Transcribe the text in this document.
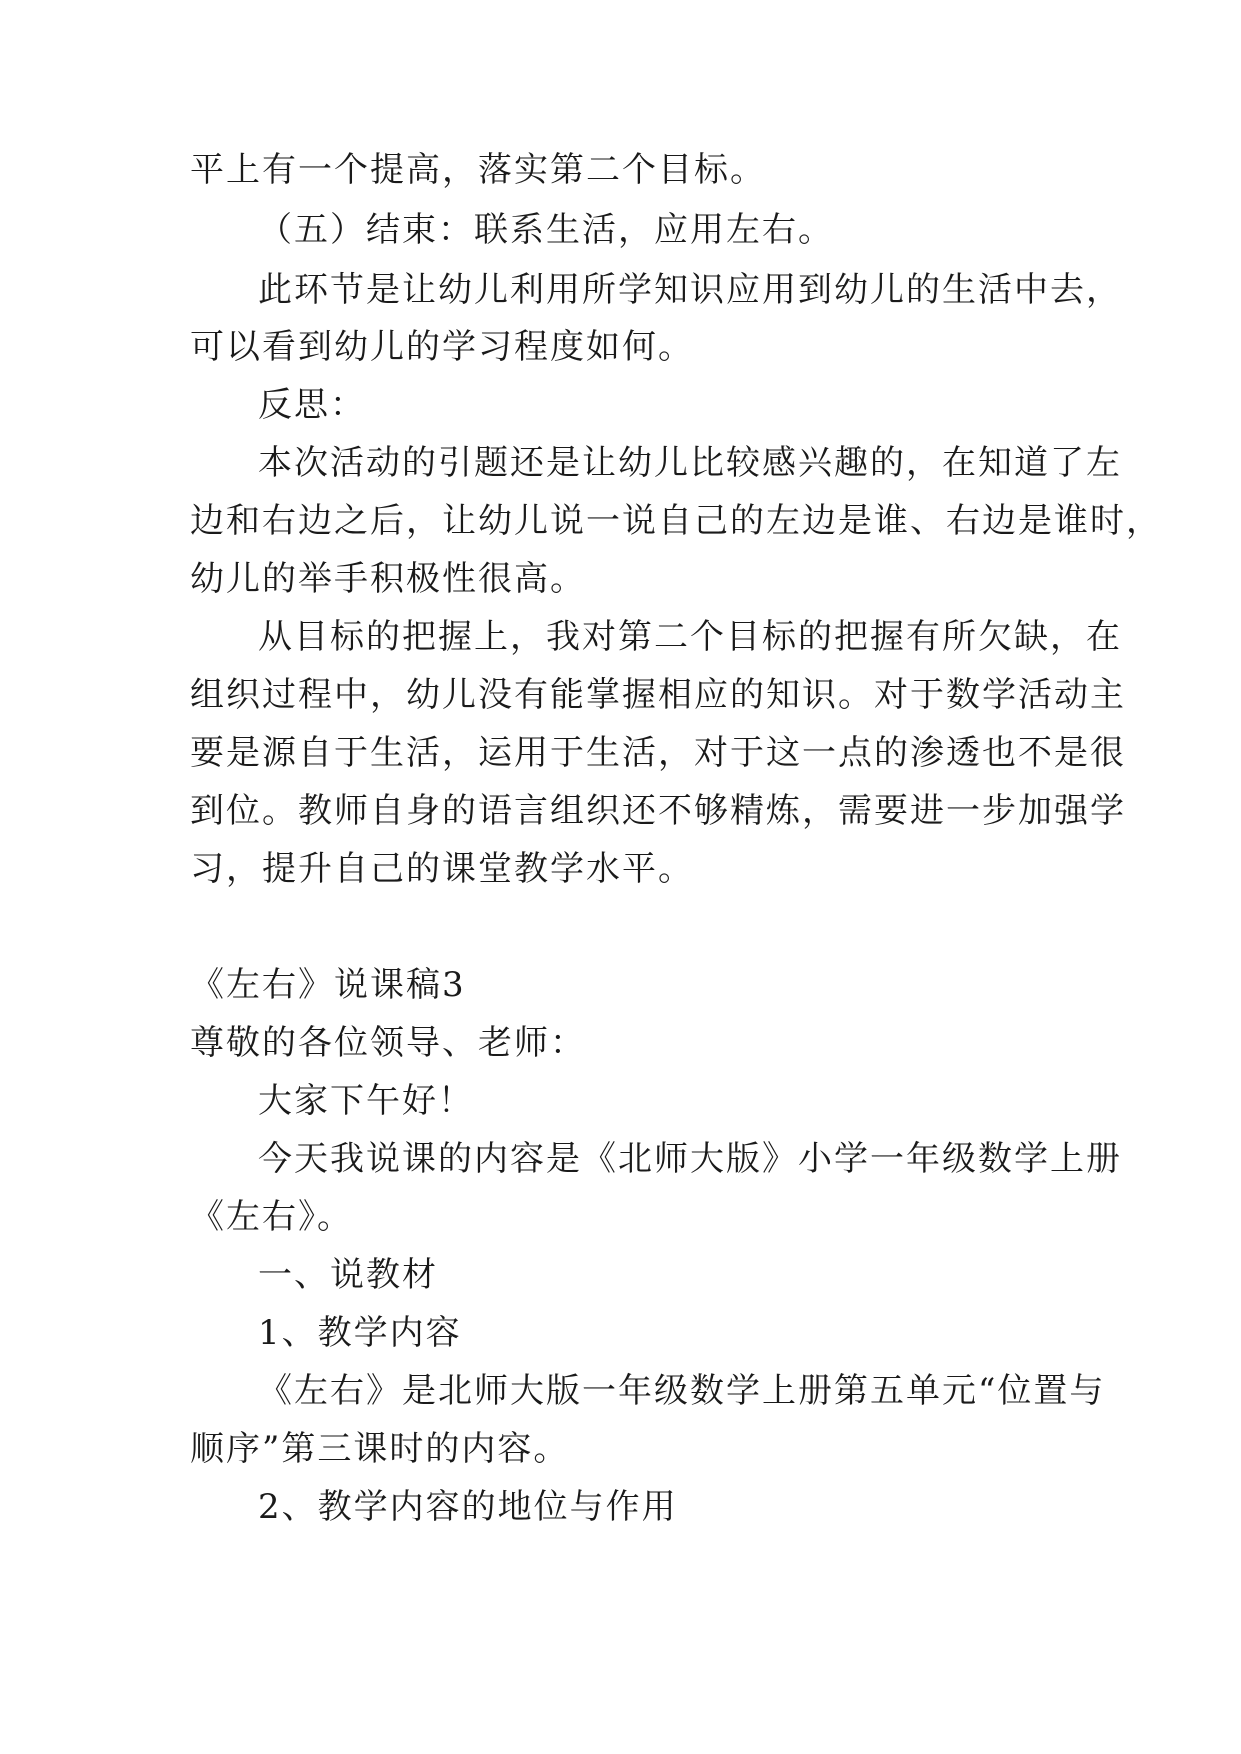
平上有一个提高，落实第二个目标。
（五）结束：联系生活，应用左右。
此环节是让幼儿利用所学知识应用到幼儿的生活中去，
可以看到幼儿的学习程度如何。
反思：
本次活动的引题还是让幼儿比较感兴趣的，在知道了左
边和右边之后，让幼儿说一说自己的左边是谁、右边是谁时，
幼儿的举手积极性很高。
从目标的把握上，我对第二个目标的把握有所欠缺，在
组织过程中，幼儿没有能掌握相应的知识。对于数学活动主
要是源自于生活，运用于生活，对于这一点的渗透也不是很
到位。教师自身的语言组织还不够精炼，需要进一步加强学
习，提升自己的课堂教学水平。
《左右》说课稿3
尊敬的各位领导、老师：
大家下午好！
今天我说课的内容是《北师大版》小学一年级数学上册
《左右》。
一、说教材
1、教学内容
《左右》是北师大版一年级数学上册第五单元“位置与
顺序”第三课时的内容。
2、教学内容的地位与作用
